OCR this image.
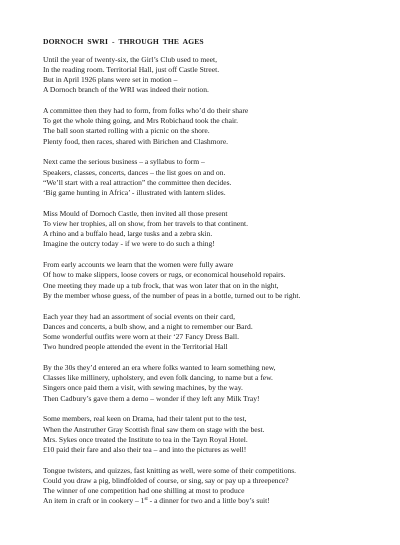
DORNOCH  SWRI  -  THROUGH  THE  AGES
Until the year of twenty-six, the Girl’s Club used to meet,
In the reading room. Territorial Hall, just off Castle Street.
But in April 1926 plans were set in motion –
A Dornoch branch of the WRI was indeed their notion.
A committee then they had to form, from folks who’d do their share
To get the whole thing going, and Mrs Robichaud took the chair.
The ball soon started rolling with a picnic on the shore.
Plenty food, then races, shared with Birichen and Clashmore.
Next came the serious business – a syllabus to form –
Speakers, classes, concerts, dances – the list goes on and on.
“We’ll start with a real attraction” the committee then decides.
‘Big game hunting in Africa’ - illustrated with lantern slides.
Miss Mould of Dornoch Castle, then invited all those present
To view her trophies, all on show, from her travels to that continent.
A rhino and a buffalo head, large tusks and a zebra skin.
Imagine the outcry today - if we were to do such a thing!
From early accounts we learn that the women were fully aware
Of how to make slippers, loose covers or rugs, or economical household repairs.
One meeting they made up a tub frock, that was won later that on in the night,
By the member whose guess, of the number of peas in a bottle, turned out to be right.
Each year they had an assortment of social events on their card,
Dances and concerts, a bulb show, and a night to remember our Bard.
Some wonderful outfits were worn at their ‘27 Fancy Dress Ball.
Two hundred people attended the event in the Territorial Hall
By the 30s they’d entered an era where folks wanted to learn something new,
Classes like millinery, upholstery, and even folk dancing, to name but a few.
Singers once paid them a visit, with sewing machines, by the way.
Then Cadbury’s gave them a demo – wonder if they left any Milk Tray!
Some members, real keen on Drama, had their talent put to the test,
When the Anstruther Gray Scottish final saw them on stage with the best.
Mrs. Sykes once treated the Institute to tea in the Tayn Royal Hotel.
£10 paid their fare and also their tea – and into the pictures as well!
Tongue twisters, and quizzes, fast knitting as well, were some of their competitions.
Could you draw a pig, blindfolded of course, or sing, say or pay up a threepence?
The winner of one competition had one shilling at most to produce
An item in craft or in cookery – 1st - a dinner for two and a little boy’s suit!
